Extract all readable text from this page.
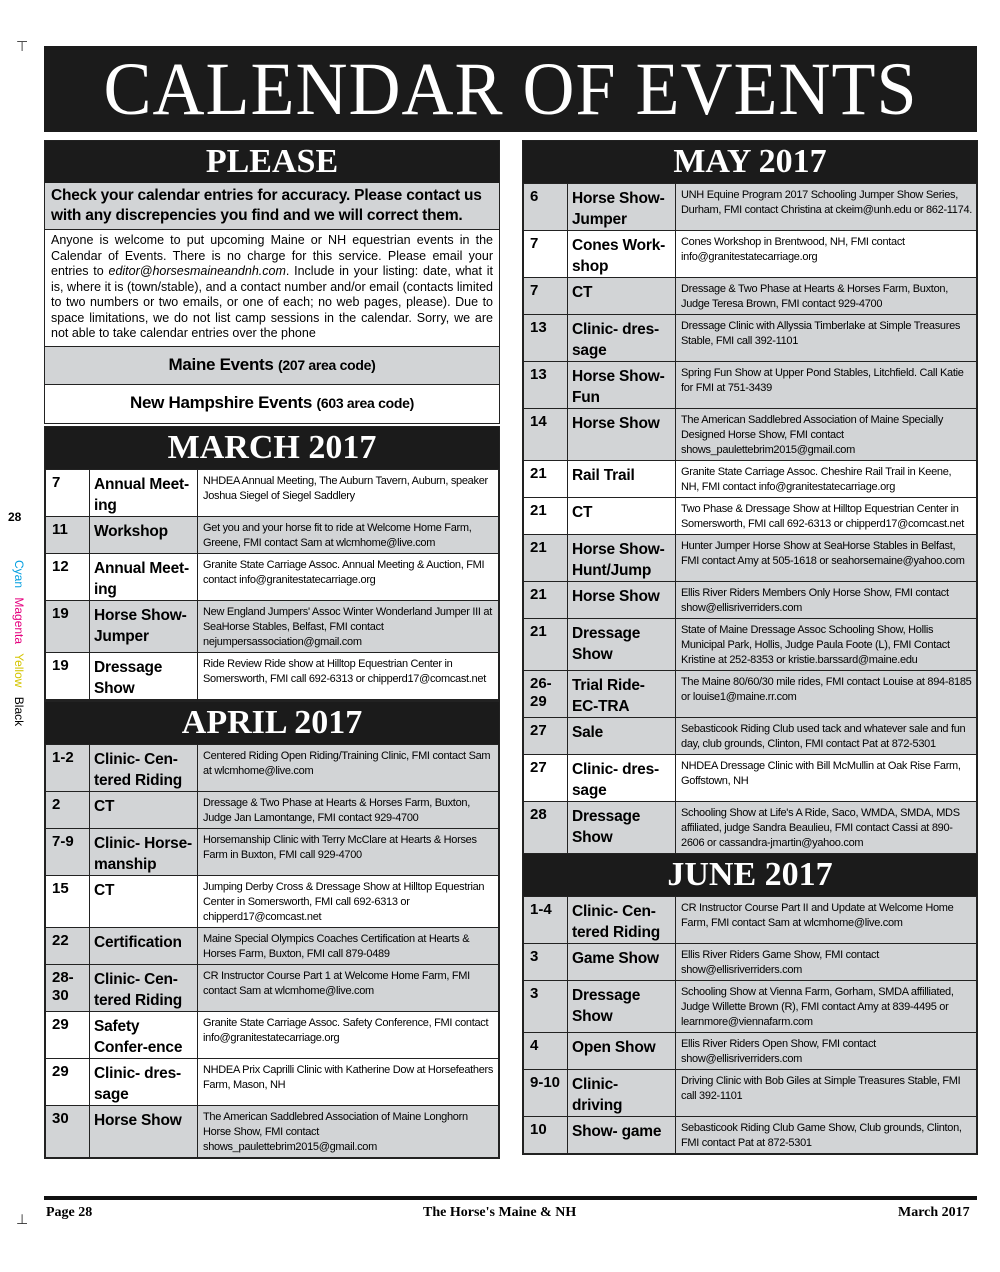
⊤
⊥
28
Cyan Magenta Yellow Black
CALENDAR OF EVENTS
PLEASE
Check your calendar entries for accuracy. Please contact us with any discrepencies you find and we will correct them.
Anyone is welcome to put upcoming Maine or NH equestrian events in the Calendar of Events. There is no charge for this service. Please email your entries to editor@horsesmaineandnh.com. Include in your listing: date, what it is, where it is (town/stable), and a contact number and/or email (contacts limited to two numbers or two emails, or one of each; no web pages, please). Due to space limitations, we do not list camp sessions in the calendar. Sorry, we are not able to take calendar entries over the phone
Maine Events (207 area code)
New Hampshire Events (603 area code)
MARCH 2017
7	Annual Meet-ing	NHDEA Annual Meeting, The Auburn Tavern, Auburn, speaker Joshua Siegel of Siegel Saddlery
11	Workshop	Get you and your horse fit to ride at Welcome Home Farm, Greene, FMI contact Sam at wlcmhome@live.com
12	Annual Meet-ing	Granite State Carriage Assoc. Annual Meeting & Auction, FMI contact info@granitestatecarriage.org
19	Horse Show-Jumper	New England Jumpers' Assoc Winter Wonderland Jumper III at SeaHorse Stables, Belfast, FMI contact nejumpersassociation@gmail.com
19	Dressage Show	Ride Review Ride show at Hilltop Equestrian Center in Somersworth, FMI call 692-6313 or chipperd17@comcast.net
APRIL 2017
1-2	Clinic- Cen-tered Riding	Centered Riding Open Riding/Training Clinic, FMI contact Sam at wlcmhome@live.com
2	CT	Dressage & Two Phase at Hearts & Horses Farm, Buxton, Judge Jan Lamontange, FMI contact 929-4700
7-9	Clinic- Horse-manship	Horsemanship Clinic with Terry McClare at Hearts & Horses Farm in Buxton, FMI call 929-4700
15	CT	Jumping Derby Cross & Dressage Show at Hilltop Equestrian Center in Somersworth, FMI call 692-6313 or chipperd17@comcast.net
22	Certification	Maine Special Olympics Coaches Certification at Hearts & Horses Farm, Buxton, FMI call 879-0489
28-30	Clinic- Cen-tered Riding	CR Instructor Course Part 1 at Welcome Home Farm, FMI contact Sam at wlcmhome@live.com
29	Safety Confer-ence	Granite State Carriage Assoc. Safety Conference, FMI contact info@granitestatecarriage.org
29	Clinic- dres-sage	NHDEA Prix Caprilli Clinic with Katherine Dow at Horsefeathers Farm, Mason, NH
30	Horse Show	The American Saddlebred Association of Maine Longhorn Horse Show, FMI contact shows_paulettebrim2015@gmail.com
MAY 2017
6	Horse Show-Jumper	UNH Equine Program 2017 Schooling Jumper Show Series, Durham, FMI contact Christina at ckeim@unh.edu or 862-1174.
7	Cones Work-shop	Cones Workshop in Brentwood, NH, FMI contact info@granitestatecarriage.org
7	CT	Dressage & Two Phase at Hearts & Horses Farm, Buxton, Judge Teresa Brown, FMI contact 929-4700
13	Clinic- dres-sage	Dressage Clinic with Allyssia Timberlake at Simple Treasures Stable, FMI call 392-1101
13	Horse Show-Fun	Spring Fun Show at Upper Pond Stables, Litchfield. Call Katie for FMI at 751-3439
14	Horse Show	The American Saddlebred Association of Maine Specially Designed Horse Show, FMI contact shows_paulettebrim2015@gmail.com
21	Rail Trail	Granite State Carriage Assoc. Cheshire Rail Trail in Keene, NH, FMI contact info@granitestatecarriage.org
21	CT	Two Phase & Dressage Show at Hilltop Equestrian Center in Somersworth, FMI call 692-6313 or chipperd17@comcast.net
21	Horse Show-Hunt/Jump	Hunter Jumper Horse Show at SeaHorse Stables in Belfast, FMI contact Amy at 505-1618 or seahorsemaine@yahoo.com
21	Horse Show	Ellis River Riders Members Only Horse Show, FMI contact show@ellisriverriders.com
21	Dressage Show	State of Maine Dressage Assoc Schooling Show, Hollis Municipal Park, Hollis, Judge Paula Foote (L), FMI Contact Kristine at 252-8353 or kristie.barssard@maine.edu
26-29	Trial Ride- EC-TRA	The Maine 80/60/30 mile rides, FMI contact Louise at 894-8185 or louise1@maine.rr.com
27	Sale	Sebasticook Riding Club used tack and whatever sale and fun day, club grounds, Clinton, FMI contact Pat at 872-5301
27	Clinic- dres-sage	NHDEA Dressage Clinic with Bill McMullin at Oak Rise Farm, Goffstown, NH
28	Dressage Show	Schooling Show at Life's A Ride, Saco, WMDA, SMDA, MDS affiliated, judge Sandra Beaulieu, FMI contact Cassi at 890-2606 or cassandra-jmartin@yahoo.com
JUNE 2017
1-4	Clinic- Cen-tered Riding	CR Instructor Course Part II and Update at Welcome Home Farm, FMI contact Sam at wlcmhome@live.com
3	Game Show	Ellis River Riders Game Show, FMI contact show@ellisriverriders.com
3	Dressage Show	Schooling Show at Vienna Farm, Gorham, SMDA affilliated, Judge Willette Brown (R), FMI contact Amy at 839-4495 or learnmore@viennafarm.com
4	Open Show	Ellis River Riders Open Show, FMI contact show@ellisriverriders.com
9-10	Clinic- driving	Driving Clinic with Bob Giles at Simple Treasures Stable, FMI call 392-1101
10	Show- game	Sebasticook Riding Club Game Show, Club grounds, Clinton, FMI contact Pat at 872-5301
Page 28	The Horse's Maine & NH	March 2017
